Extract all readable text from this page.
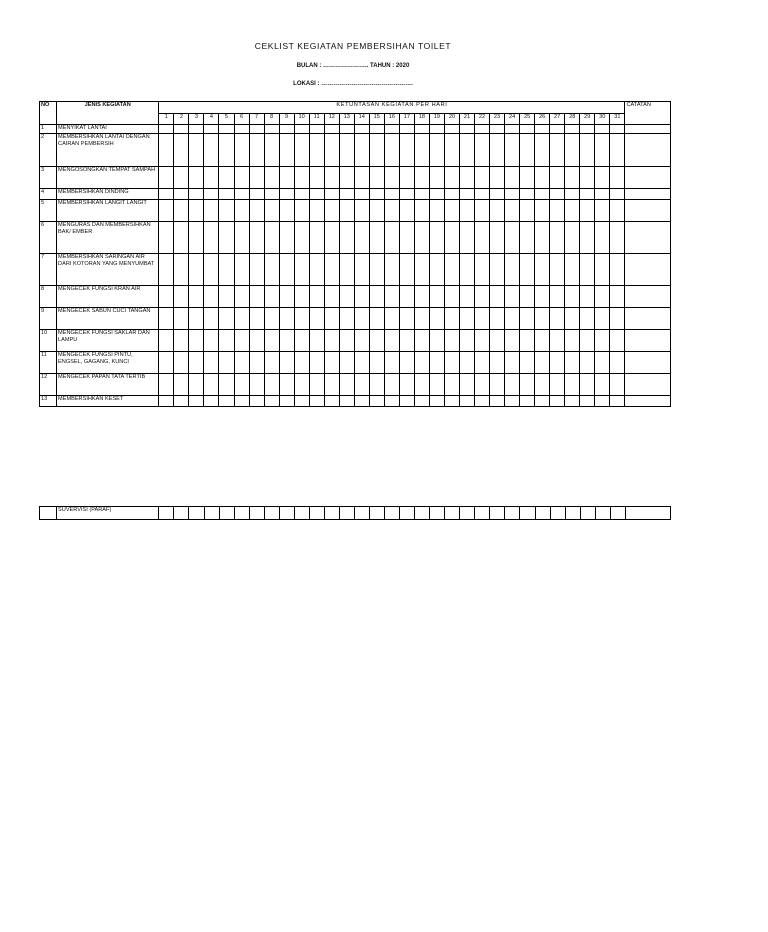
CEKLIST KEGIATAN PEMBERSIHAN TOILET
BULAN : ………………….. TAHUN : 2020
LOKASI : ……………………………………….
NO	JENIS KEGIATAN	KETUNTASAN KEGIATAN PER HARI																															CATATAN
		1	2	3	4	5	6	7	8	9	10	11	12	13	14	15	16	17	18	19	20	21	22	23	24	25	26	27	28	29	30	31	
1	MENYIKAT LANTAI																																
2	MEMBERSIHKAN LANTAI DENGAN CAIRAN PEMBERSIH																																
3	MENGOSONGKAN TEMPAT SAMPAH																																
4	MEMBERSIHKAN DINDING																																
5	MEMBERSIHKAN LANGIT LANGIT																																
6	MENGURAS DAN MEMBERSIHKAN BAK/ EMBER																																
7	MEMBERSIHKAN SARINGAN AIR DARI KOTORAN YANG MENYUMBAT																																
8	MENGECEK FUNGSI KRAN AIR																																
9	MENGECEK SABUN CUCI TANGAN																																
10	MENGECEK FUNGSI SAKLAR DAN LAMPU																																
11	MENGECEK FUNGSI PINTU, ENGSEL, GAGANG, KUNCI																																
12	MENGECEK PAPAN TATA TERTIB																																
13	MEMBERSIHKAN KESET																																
	SUVERVISI (PARAF)																																
